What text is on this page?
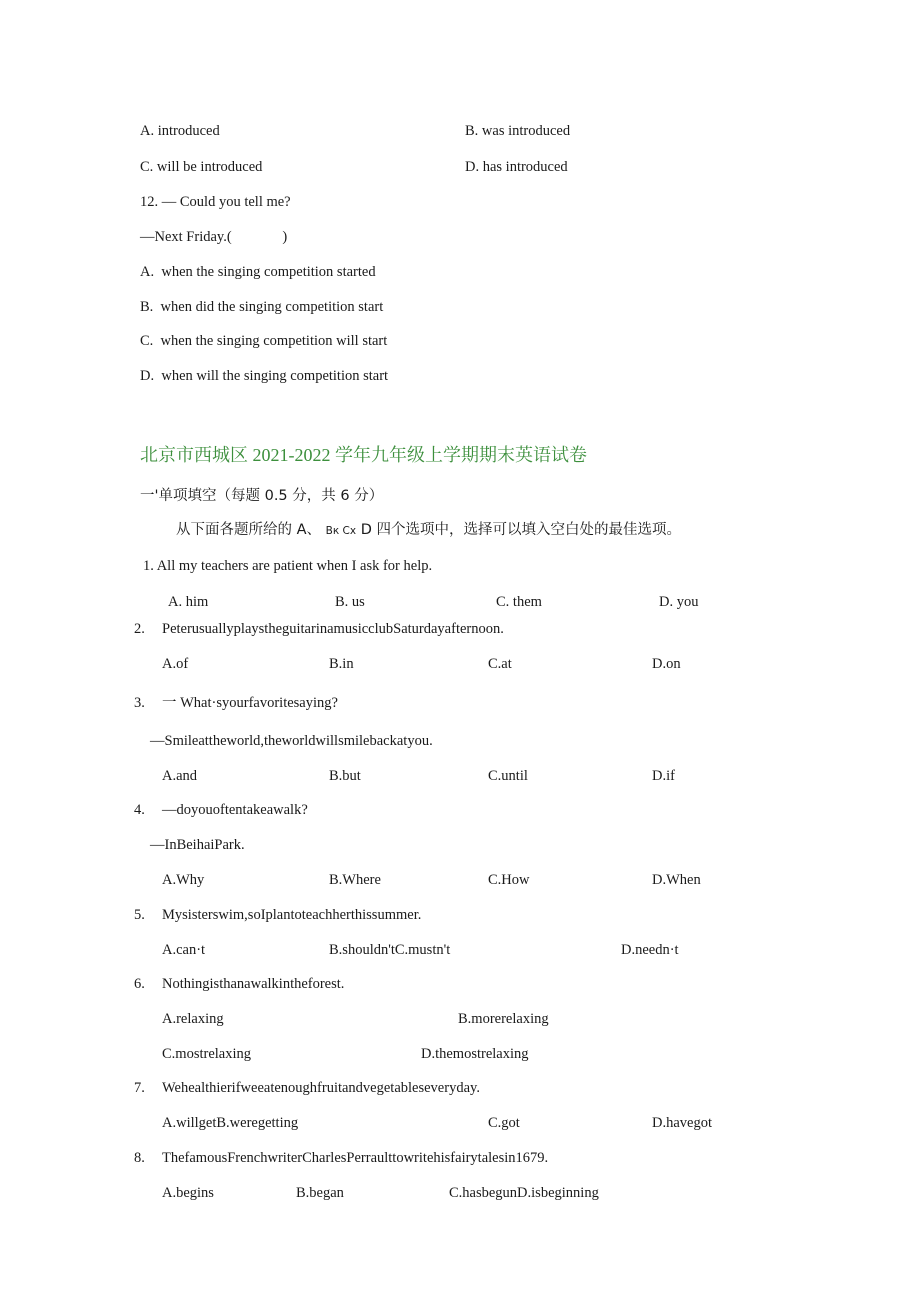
A. introduced	B. was introduced
C. will be introduced	D. has introduced
12. — Could you tell me?
—Next Friday.(              )
A.  when the singing competition started
B.  when did the singing competition start
C.  when the singing competition will start
D.  when will the singing competition start
北京市西城区 2021-2022 学年九年级上学期期末英语试卷
一'单项填空（每题 0.5 分，共 6 分）
从下面各题所给的 A、 Bк Cх D 四个选项中，选择可以填入空白处的最佳选项。
1. All my teachers are patient when I ask for help.
A. him	B. us	C. them	D. you
2. Peterusuallyplaystheguitarinamusicclub​Saturdayafternoon.
A.of	B.in	C.at	D.on
3. 一 What·syourfavoritesaying?
—Smileattheworld,theworldwillsmilebackatyou.
A.and	B.but	C.until	D.if
4. —doyouoftentakeawalk?
—InBeihaiPark.
A.Why	B.Where	C.How	D.When
5. Mysisterswim,soIplantoteachherthissummer.
A.can·t	B.shouldn'tC.mustn't	D.needn·t
6. Nothingisthanawalkintheforest.
A.relaxing	B.morerelaxing
C.mostrelaxing	D.themostrelaxing
7. Wehealthierifweeatenoughfruitandvegetableseveryday.
A.willgetB.weregetting	C.got	D.havegot
8. ThefamousFrenchwriterCharlesPerraulttowritehisfairytalesin1679.
A.begins	B.began	C.hasbegunD.isbeginning
